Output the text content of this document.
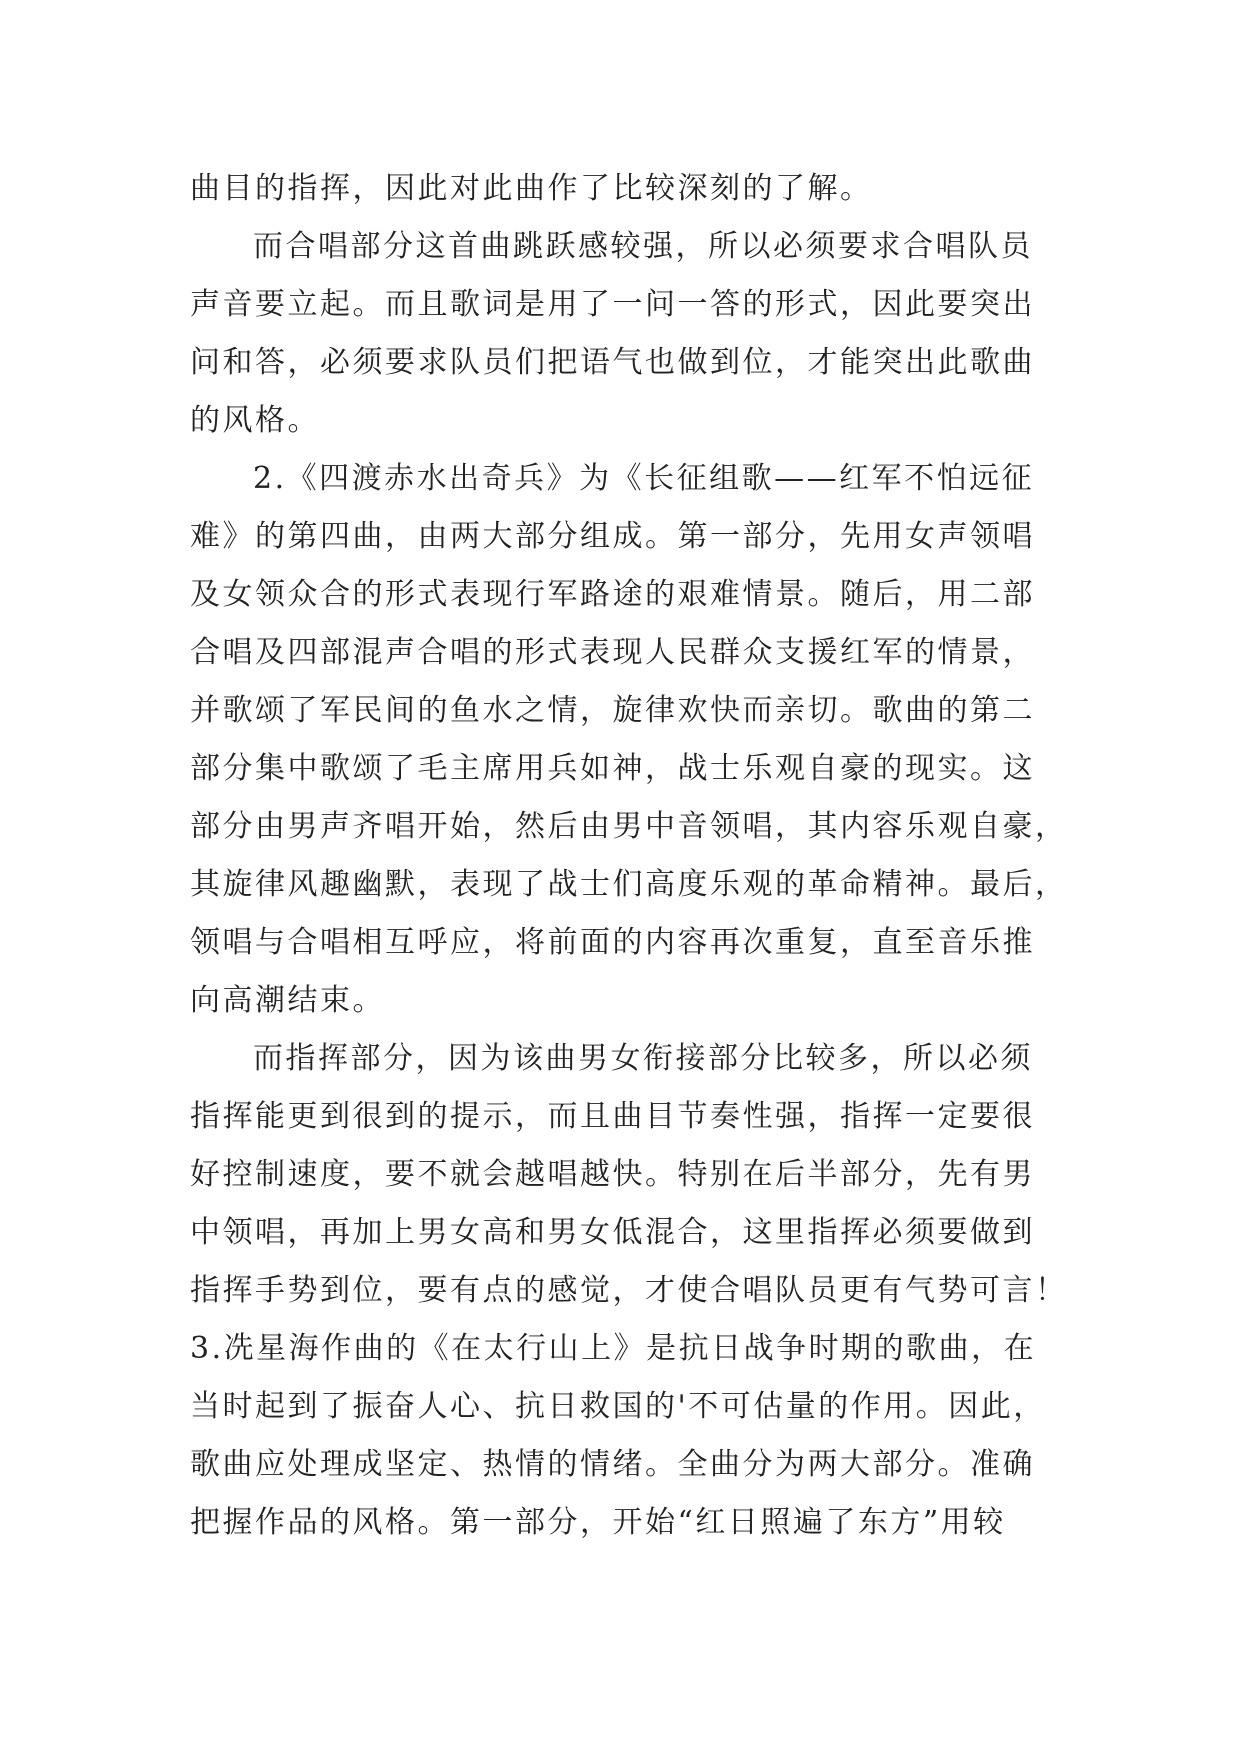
曲目的指挥，因此对此曲作了比较深刻的了解。
而合唱部分这首曲跳跃感较强，所以必须要求合唱队员
声音要立起。而且歌词是用了一问一答的形式，因此要突出
问和答，必须要求队员们把语气也做到位，才能突出此歌曲
的风格。
2.《四渡赤水出奇兵》为《长征组歌——红军不怕远征
难》的第四曲，由两大部分组成。第一部分，先用女声领唱
及女领众合的形式表现行军路途的艰难情景。随后，用二部
合唱及四部混声合唱的形式表现人民群众支援红军的情景，
并歌颂了军民间的鱼水之情，旋律欢快而亲切。歌曲的第二
部分集中歌颂了毛主席用兵如神，战士乐观自豪的现实。这
部分由男声齐唱开始，然后由男中音领唱，其内容乐观自豪，
其旋律风趣幽默，表现了战士们高度乐观的革命精神。最后，
领唱与合唱相互呼应，将前面的内容再次重复，直至音乐推
向高潮结束。
而指挥部分，因为该曲男女衔接部分比较多，所以必须
指挥能更到很到的提示，而且曲目节奏性强，指挥一定要很
好控制速度，要不就会越唱越快。特别在后半部分，先有男
中领唱，再加上男女高和男女低混合，这里指挥必须要做到
指挥手势到位，要有点的感觉，才使合唱队员更有气势可言！
3.冼星海作曲的《在太行山上》是抗日战争时期的歌曲，在
当时起到了振奋人心、抗日救国的'不可估量的作用。因此，
歌曲应处理成坚定、热情的情绪。全曲分为两大部分。准确
把握作品的风格。第一部分，开始“红日照遍了东方”用较
